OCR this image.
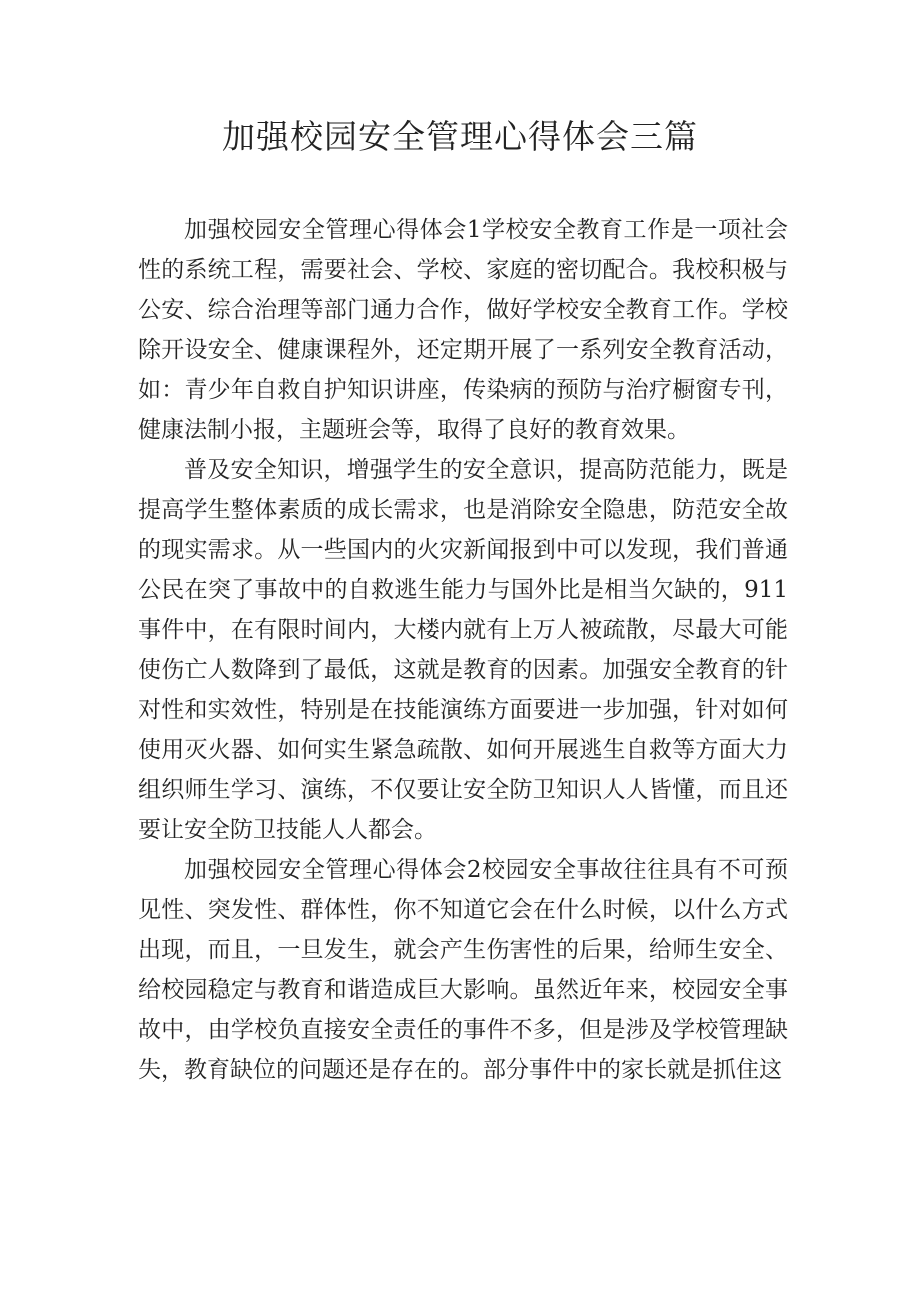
加强校园安全管理心得体会三篇

加强校园安全管理心得体会1学校安全教育工作是一项社会性的系统工程，需要社会、学校、家庭的密切配合。我校积极与公安、综合治理等部门通力合作，做好学校安全教育工作。学校除开设安全、健康课程外，还定期开展了一系列安全教育活动，如：青少年自救自护知识讲座，传染病的预防与治疗橱窗专刊，健康法制小报，主题班会等，取得了良好的教育效果。

普及安全知识，增强学生的安全意识，提高防范能力，既是提高学生整体素质的成长需求，也是消除安全隐患，防范安全故的现实需求。从一些国内的火灾新闻报到中可以发现，我们普通公民在突了事故中的自救逃生能力与国外比是相当欠缺的，911事件中，在有限时间内，大楼内就有上万人被疏散，尽最大可能使伤亡人数降到了最低，这就是教育的因素。加强安全教育的针对性和实效性，特别是在技能演练方面要进一步加强，针对如何使用灭火器、如何实生紧急疏散、如何开展逃生自救等方面大力组织师生学习、演练，不仅要让安全防卫知识人人皆懂，而且还要让安全防卫技能人人都会。

加强校园安全管理心得体会2校园安全事故往往具有不可预见性、突发性、群体性，你不知道它会在什么时候，以什么方式出现，而且，一旦发生，就会产生伤害性的后果，给师生安全、给校园稳定与教育和谐造成巨大影响。虽然近年来，校园安全事故中，由学校负直接安全责任的事件不多，但是涉及学校管理缺失，教育缺位的问题还是存在的。部分事件中的家长就是抓住这
